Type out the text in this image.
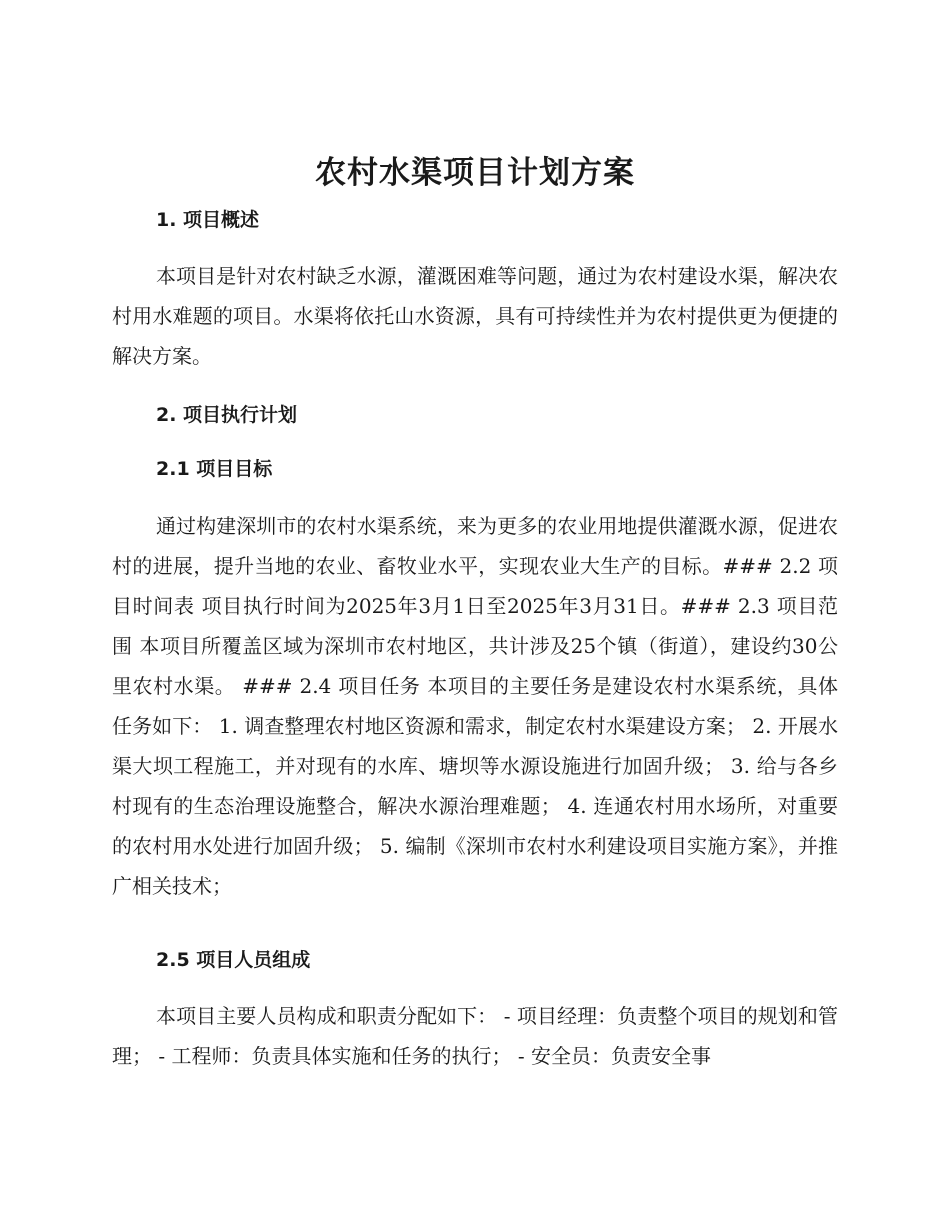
农村水渠项目计划方案
1. 项目概述

本项目是针对农村缺乏水源，灌溉困难等问题，通过为农村建设水渠，解决农村用水难题的项目。水渠将依托山水资源，具有可持续性并为农村提供更为便捷的解决方案。

2. 项目执行计划
2.1 项目目标

通过构建深圳市的农村水渠系统，来为更多的农业用地提供灌溉水源，促进农村的进展，提升当地的农业、畜牧业水平，实现农业大生产的目标。### 2.2 项目时间表 项目执行时间为2025年3月1日至2025年3月31日。### 2.3 项目范围 本项目所覆盖区域为深圳市农村地区，共计涉及25个镇（街道），建设约30公里农村水渠。 ### 2.4 项目任务 本项目的主要任务是建设农村水渠系统，具体任务如下： 1. 调查整理农村地区资源和需求，制定农村水渠建设方案； 2. 开展水渠大坝工程施工，并对现有的水库、塘坝等水源设施进行加固升级； 3. 给与各乡村现有的生态治理设施整合，解决水源治理难题； 4. 连通农村用水场所，对重要的农村用水处进行加固升级； 5. 编制《深圳市农村水利建设项目实施方案》，并推广相关技术；

2.5 项目人员组成

本项目主要人员构成和职责分配如下： - 项目经理：负责整个项目的规划和管理； - 工程师：负责具体实施和任务的执行； - 安全员：负责安全事
